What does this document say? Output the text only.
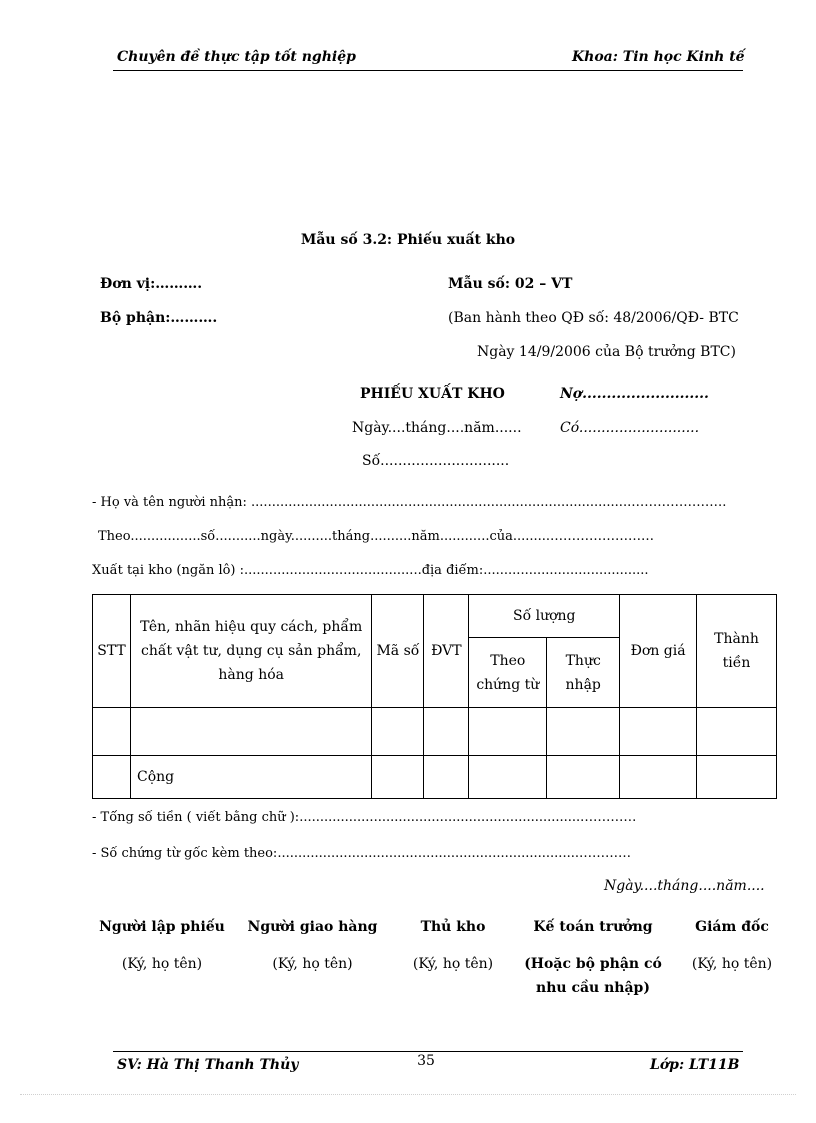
Chuyên đề thực tập tốt nghiệp	Khoa: Tin học Kinh tế
Mẫu số 3.2: Phiếu xuất kho
Đơn vị:……….	Mẫu số: 02 – VT
Bộ phận:……….	(Ban hành theo QĐ số: 48/2006/QĐ- BTC
Ngày 14/9/2006 của Bộ trưởng BTC)
PHIẾU XUẤT KHO	Nợ..........................
Ngày....tháng....năm......	Có...........................
Số.............................
- Họ và tên người nhận: ............................................................................................………………….
Theo.................số...........ngày..........tháng..........năm............của.........……………………
Xuất tại kho (ngăn lô) :...........................................địa điểm:........................................
STT	Tên, nhãn hiệu quy cách, phẩm chất vật tư, dụng cụ sản phẩm, hàng hóa	Mã số	ĐVT	Số lượng		Đơn giá	Thành tiền
				Theo chứng từ	Thực nhập		

	Cộng						
- Tổng số tiền ( viết bằng chữ ):.....................................................................…………
- Số chứng từ gốc kèm theo:.........................................................................…………
Ngày....tháng....năm....
Người lập phiếu
(Ký, họ tên)
Người giao hàng
(Ký, họ tên)
Thủ kho
(Ký, họ tên)
Kế toán trưởng
(Hoặc bộ phận có nhu cầu nhập)
Giám đốc
(Ký, họ tên)
SV: Hà Thị Thanh Thủy	35	Lớp: LT11B
